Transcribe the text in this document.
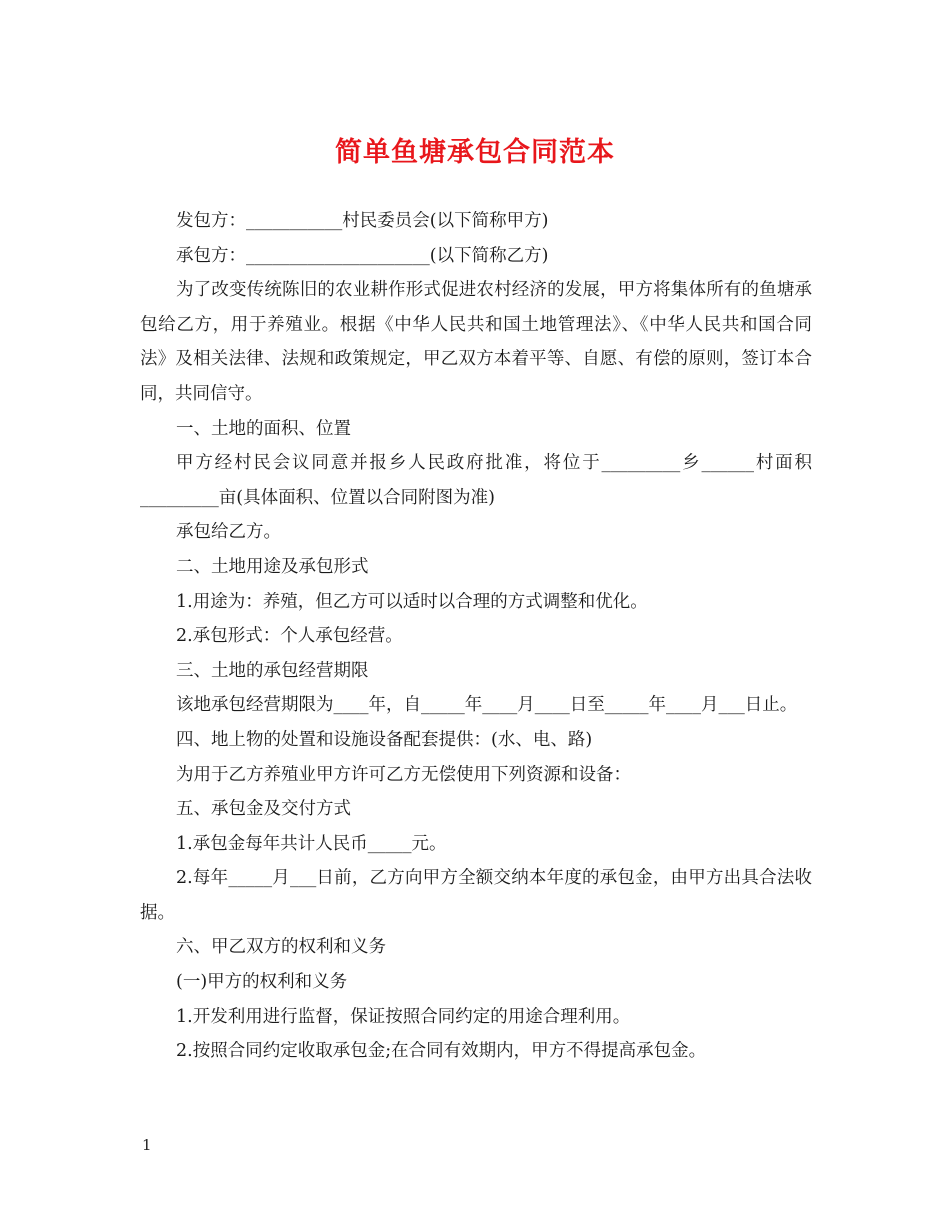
简单鱼塘承包合同范本

发包方：___________村民委员会(以下简称甲方)

承包方：_____________________(以下简称乙方)

为了改变传统陈旧的农业耕作形式促进农村经济的发展，甲方将集体所有的鱼塘承包给乙方，用于养殖业。根据《中华人民共和国土地管理法》、《中华人民共和国合同法》及相关法律、法规和政策规定，甲乙双方本着平等、自愿、有偿的原则，签订本合同，共同信守。

一、土地的面积、位置

甲方经村民会议同意并报乡人民政府批准，将位于_________乡______村面积_________亩(具体面积、位置以合同附图为准)

承包给乙方。

二、土地用途及承包形式

1.用途为：养殖，但乙方可以适时以合理的方式调整和优化。

2.承包形式：个人承包经营。

三、土地的承包经营期限

该地承包经营期限为____年，自_____年____月____日至_____年____月___日止。

四、地上物的处置和设施设备配套提供：(水、电、路)

为用于乙方养殖业甲方许可乙方无偿使用下列资源和设备：

五、承包金及交付方式

1.承包金每年共计人民币_____元。

2.每年_____月___日前，乙方向甲方全额交纳本年度的承包金，由甲方出具合法收据。

六、甲乙双方的权利和义务

(一)甲方的权利和义务

1.开发利用进行监督，保证按照合同约定的用途合理利用。

2.按照合同约定收取承包金;在合同有效期内，甲方不得提高承包金。

1
